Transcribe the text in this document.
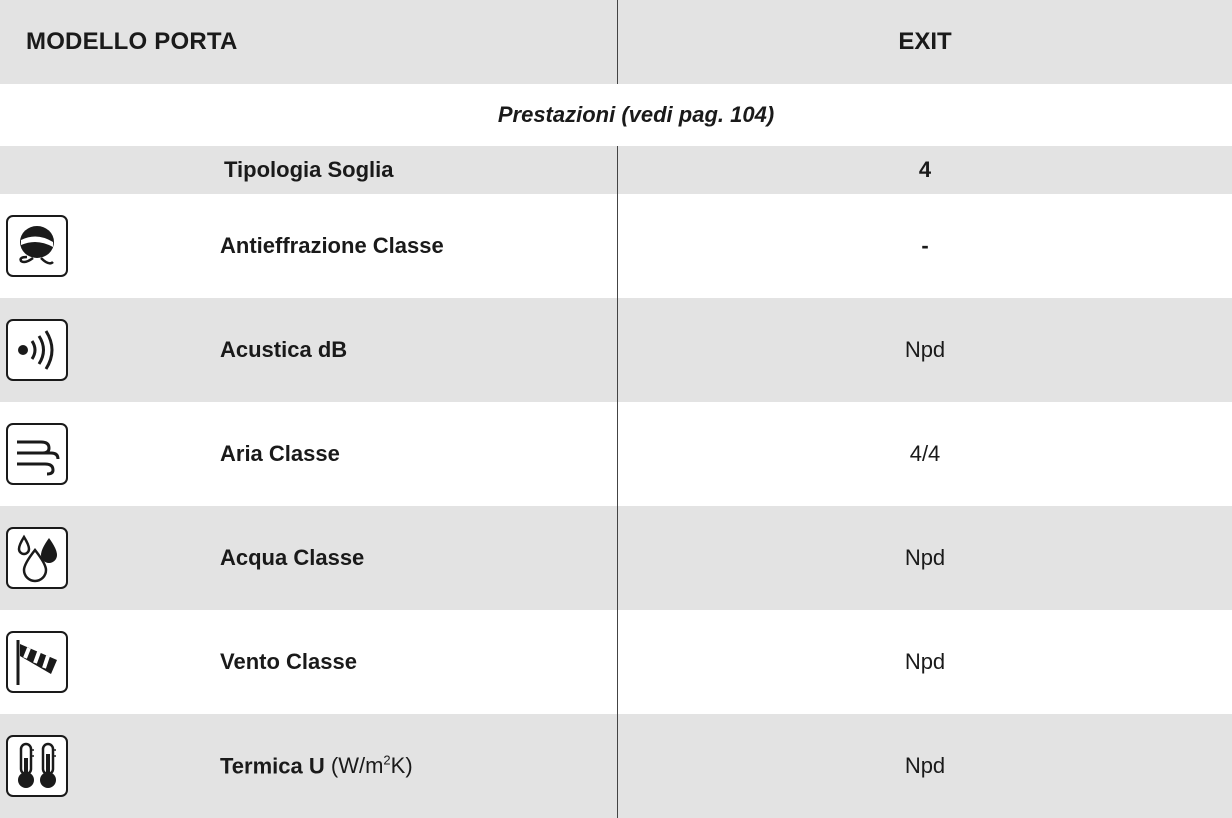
MODELLO PORTA	EXIT
Prestazioni (vedi pag. 104)
Tipologia Soglia	4
Antieffrazione Classe	-
Acustica dB	Npd
Aria Classe	4/4
Acqua Classe	Npd
Vento Classe	Npd
Termica U $(W/m^2K)$	Npd
